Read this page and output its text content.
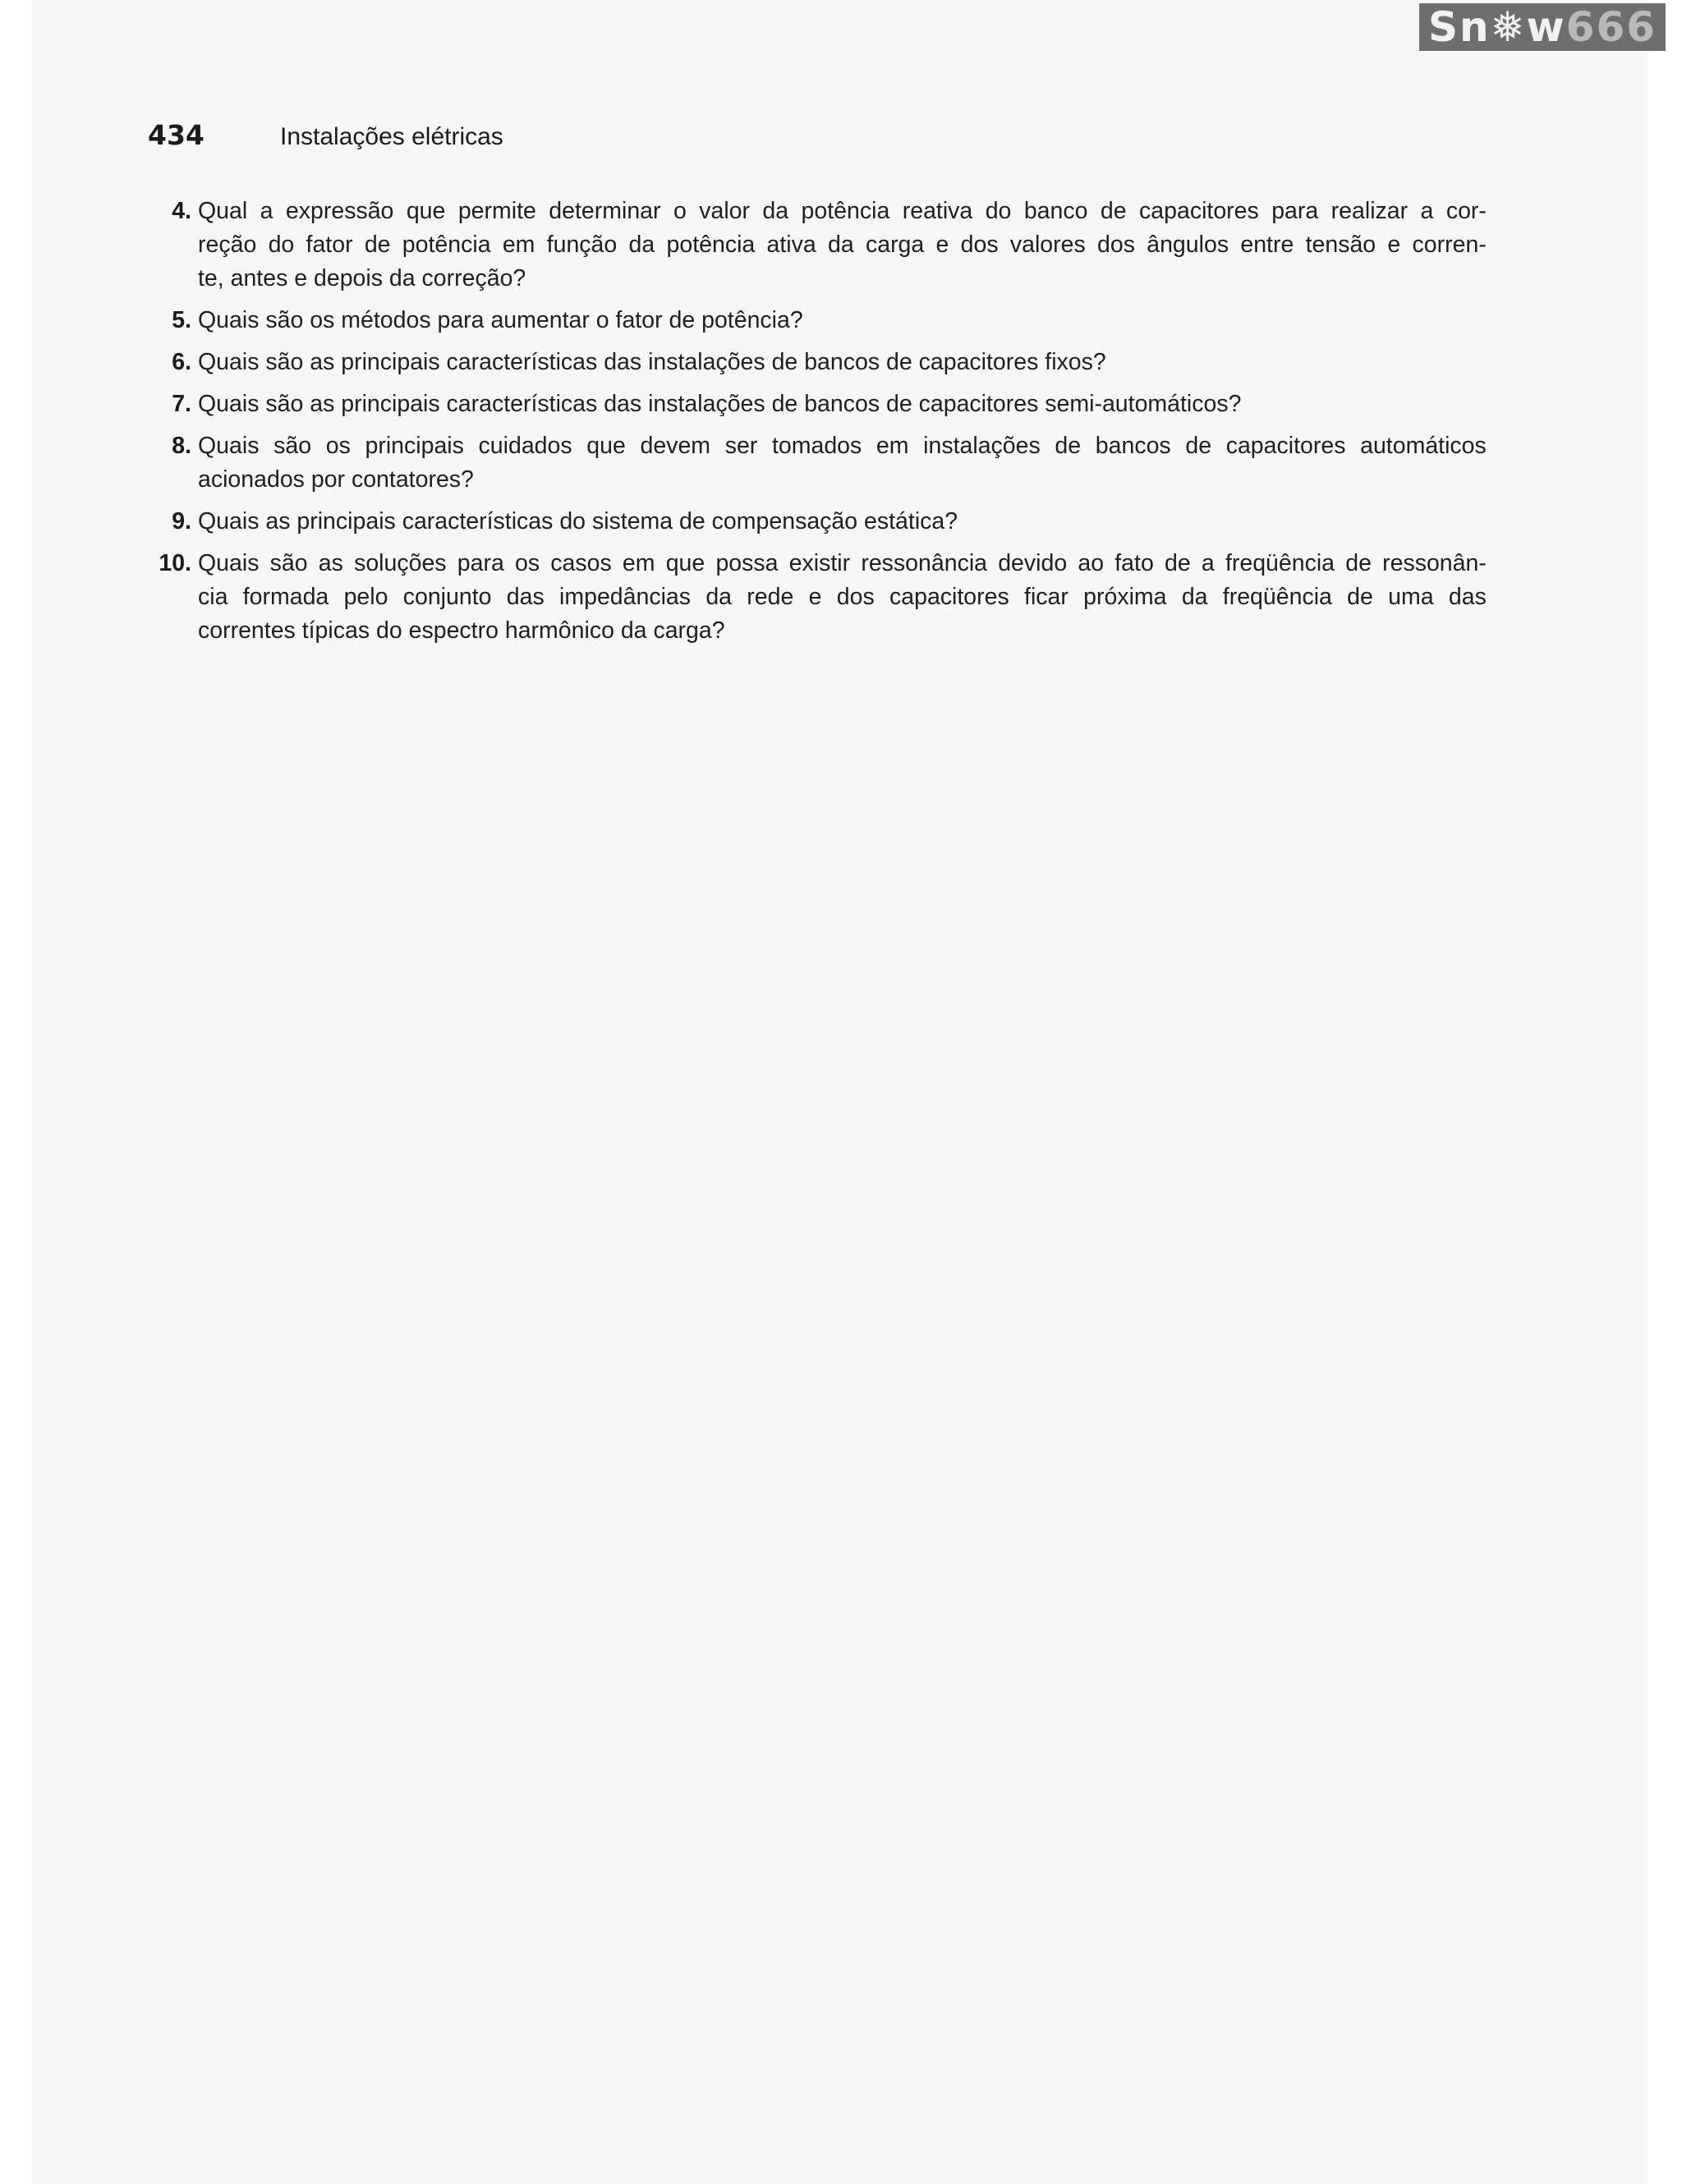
Sn❅w 666
434	Instalações elétricas
4. Qual a expressão que permite determinar o valor da potência reativa do banco de capacitores para realizar a cor-
reção do fator de potência em função da potência ativa da carga e dos valores dos ângulos entre tensão e corren-
te, antes e depois da correção?
5. Quais são os métodos para aumentar o fator de potência?
6. Quais são as principais características das instalações de bancos de capacitores fixos?
7. Quais são as principais características das instalações de bancos de capacitores semi-automáticos?
8. Quais são os principais cuidados que devem ser tomados em instalações de bancos de capacitores automáticos
acionados por contatores?
9. Quais as principais características do sistema de compensação estática?
10. Quais são as soluções para os casos em que possa existir ressonância devido ao fato de a freqüência de ressonân-
cia formada pelo conjunto das impedâncias da rede e dos capacitores ficar próxima da freqüência de uma das
correntes típicas do espectro harmônico da carga?
